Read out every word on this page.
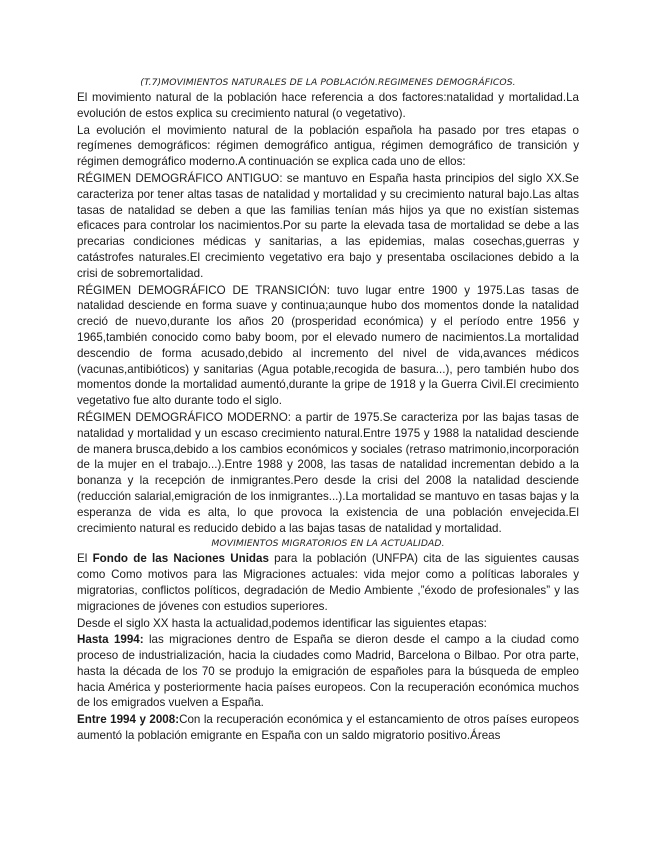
(T.7)MOVIMIENTOS NATURALES DE LA POBLACIÓN.REGIMENES DEMOGRÁFICOS.

El movimiento natural de la población hace referencia a dos factores:natalidad y mortalidad.La evolución de estos explica su crecimiento natural (o vegetativo).

La evolución el movimiento natural de la población española ha pasado por tres etapas o regímenes demográficos: régimen demográfico antigua, régimen demográfico de transición y régimen demográfico moderno.A continuación se explica cada uno de ellos:

RÉGIMEN DEMOGRÁFICO ANTIGUO: se mantuvo en España hasta principios del siglo XX.Se caracteriza por tener altas tasas de natalidad y mortalidad y su crecimiento natural bajo.Las altas tasas de natalidad se deben a que las familias tenían más hijos ya que no existían sistemas eficaces para controlar los nacimientos.Por su parte la elevada tasa de mortalidad se debe a las precarias condiciones médicas y sanitarias, a las epidemias, malas cosechas,guerras y catástrofes naturales.El crecimiento vegetativo era bajo y presentaba oscilaciones debido a la crisi de sobremortalidad.

RÉGIMEN DEMOGRÁFICO DE TRANSICIÓN: tuvo lugar entre 1900 y 1975.Las tasas de natalidad desciende en forma suave y continua;aunque hubo dos momentos donde la natalidad creció de nuevo,durante los años 20 (prosperidad económica) y el período entre 1956 y 1965,también conocido como baby boom, por el elevado numero de nacimientos.La mortalidad descendio de forma acusado,debido al incremento del nivel de vida,avances médicos (vacunas,antibióticos) y sanitarias (Agua potable,recogida de basura...), pero también hubo dos momentos donde la mortalidad aumentó,durante la gripe de 1918 y la Guerra Civil.El crecimiento vegetativo fue alto durante todo el siglo.

RÉGIMEN DEMOGRÁFICO MODERNO: a partir de 1975.Se caracteriza por las bajas tasas de natalidad y mortalidad y un escaso crecimiento natural.Entre 1975 y 1988 la natalidad desciende de manera brusca,debido a los cambios económicos y sociales (retraso matrimonio,incorporación de la mujer en el trabajo...).Entre 1988 y 2008, las tasas de natalidad incrementan debido a la bonanza y la recepción de inmigrantes.Pero desde la crisi del 2008 la natalidad desciende (reducción salarial,emigración de los inmigrantes...).La mortalidad se mantuvo en tasas bajas y la esperanza de vida es alta, lo que provoca la existencia de una población envejecida.El crecimiento natural es reducido debido a las bajas tasas de natalidad y mortalidad.

MOVIMIENTOS MIGRATORIOS EN LA ACTUALIDAD.

El Fondo de las Naciones Unidas para la población (UNFPA) cita de las siguientes causas como Como motivos para las Migraciones actuales: vida mejor como a políticas laborales y migratorias, conflictos políticos, degradación de Medio Ambiente ,”éxodo de profesionales” y las migraciones de jóvenes con estudios superiores.

Desde el siglo XX hasta la actualidad,podemos identificar las siguientes etapas:

Hasta 1994: las migraciones dentro de España se dieron desde el campo a la ciudad como proceso de industrialización, hacia la ciudades como Madrid, Barcelona o Bilbao. Por otra parte, hasta la década de los 70 se produjo la emigración de españoles para la búsqueda de empleo hacia América y posteriormente hacia países europeos. Con la recuperación económica muchos de los emigrados vuelven a España.

Entre 1994 y 2008:Con la recuperación económica y el estancamiento de otros países europeos aumentó la población emigrante en España con un saldo migratorio positivo.Áreas
